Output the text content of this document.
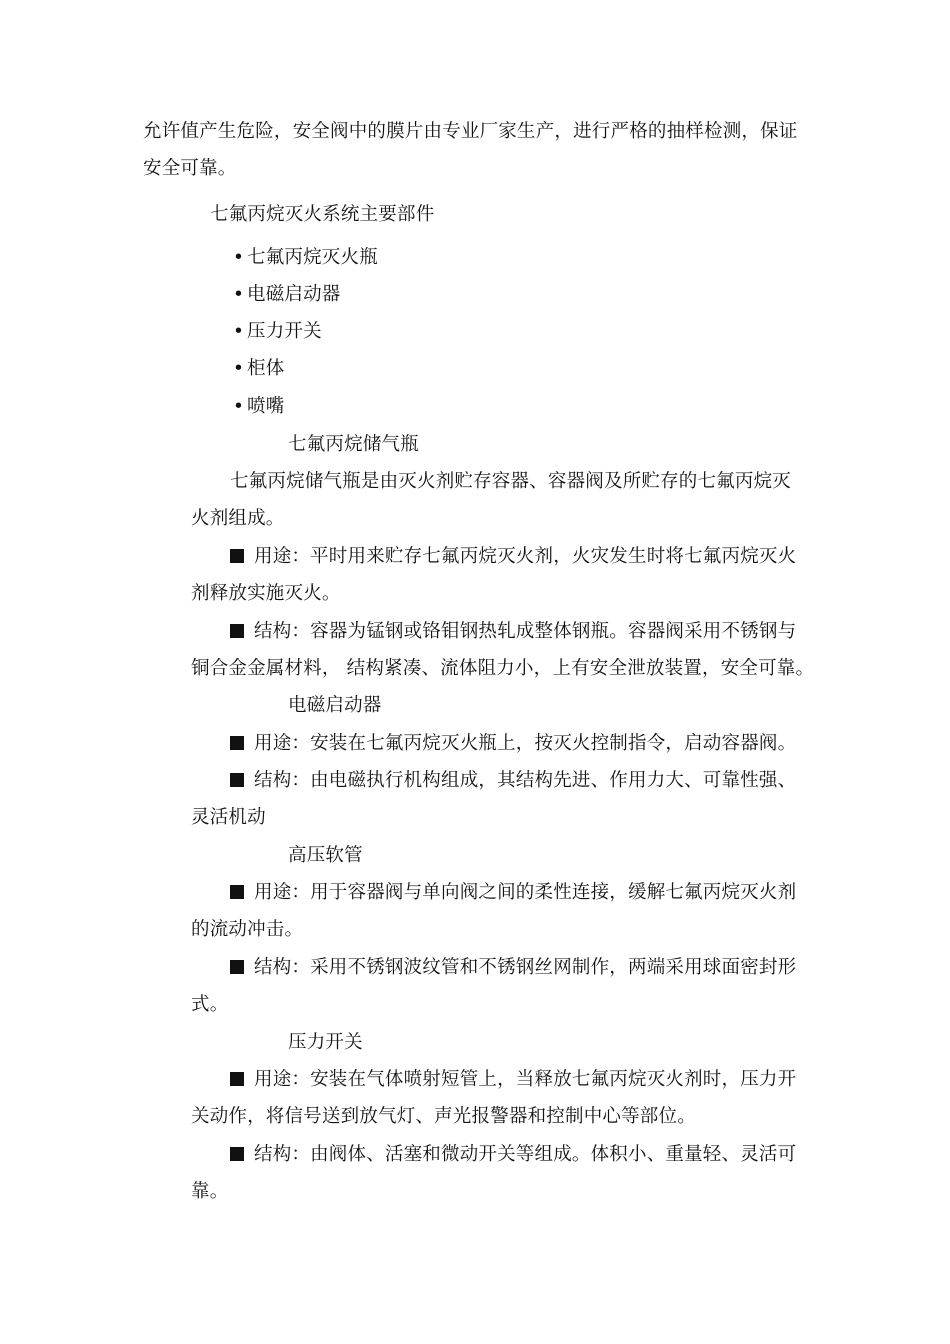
允许值产生危险，安全阀中的膜片由专业厂家生产，进行严格的抽样检测，保证
安全可靠。
七氟丙烷灭火系统主要部件
• 七氟丙烷灭火瓶
• 电磁启动器
• 压力开关
• 柜体
• 喷嘴
七氟丙烷储气瓶
七氟丙烷储气瓶是由灭火剂贮存容器、容器阀及所贮存的七氟丙烷灭
火剂组成。
用途：平时用来贮存七氟丙烷灭火剂，火灾发生时将七氟丙烷灭火
剂释放实施灭火。
结构：容器为锰钢或铬钼钢热轧成整体钢瓶。容器阀采用不锈钢与
铜合金金属材料， 结构紧凑、流体阻力小，上有安全泄放装置，安全可靠。
电磁启动器
用途：安装在七氟丙烷灭火瓶上，按灭火控制指令，启动容器阀。
结构：由电磁执行机构组成，其结构先进、作用力大、可靠性强、
灵活机动
高压软管
用途：用于容器阀与单向阀之间的柔性连接，缓解七氟丙烷灭火剂
的流动冲击。
结构：采用不锈钢波纹管和不锈钢丝网制作，两端采用球面密封形
式。
压力开关
用途：安装在气体喷射短管上，当释放七氟丙烷灭火剂时，压力开
关动作，将信号送到放气灯、声光报警器和控制中心等部位。
结构：由阀体、活塞和微动开关等组成。体积小、重量轻、灵活可
靠。
